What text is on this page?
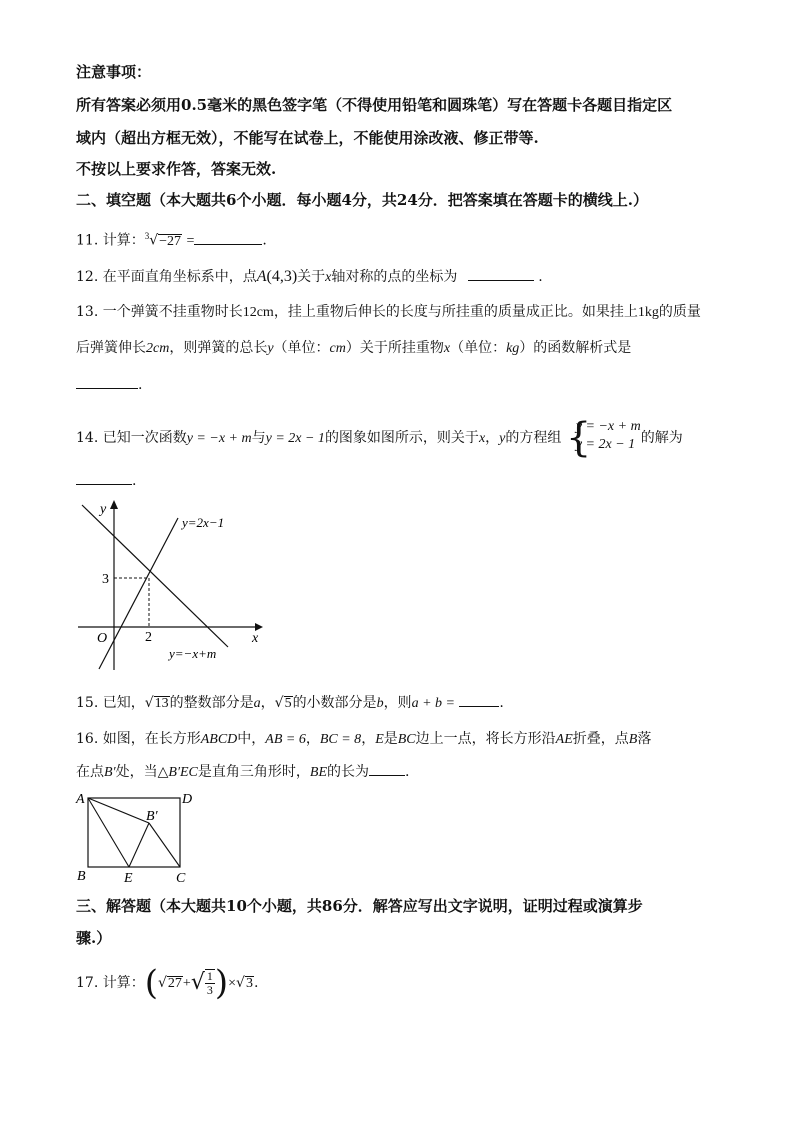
注意事项：
所有答案必须用0.5毫米的黑色签字笔（不得使用铅笔和圆珠笔）写在答题卡各题目指定区
域内（超出方框无效），不能写在试卷上，不能使用涂改液、修正带等.
不按以上要求作答，答案无效.
二、填空题（本大题共6个小题．每小题4分，共24分．把答案填在答题卡的横线上.）
11. 计算：$^3$√−27 =	.
12. 在平面直角坐标系中，点A(4,3)关于x轴对称的点的坐标为	.
13. 一个弹簧不挂重物时长12cm，挂上重物后伸长的长度与所挂重的质量成正比。如果挂上1kg的质量
后弹簧伸长2cm，则弹簧的总长y（单位：cm）关于所挂重物x（单位：kg）的函数解析式是
.
14. 已知一次函数y = −x + m与y = 2x − 1的图象如图所示，则关于x，y的方程组 {
y = −x + m
y = 2x − 1 的解为
.
y
x
O
3
2
y=2x−1
y=−x+m
15. 已知，√13的整数部分是a，√5的小数部分是b，则a + b =	.
16. 如图，在长方形ABCD中，AB = 6，BC = 8，E是BC边上一点，将长方形沿AE折叠，点B落
在点B′处，当△B′EC是直角三角形时，BE的长为	.
A	D
B	E	C
B′
三、解答题（本大题共10个小题，共86分．解答应写出文字说明，证明过程或演算步
骤.）
17. 计算：$(√27+√ \frac{1}{3} )\times√3$.
